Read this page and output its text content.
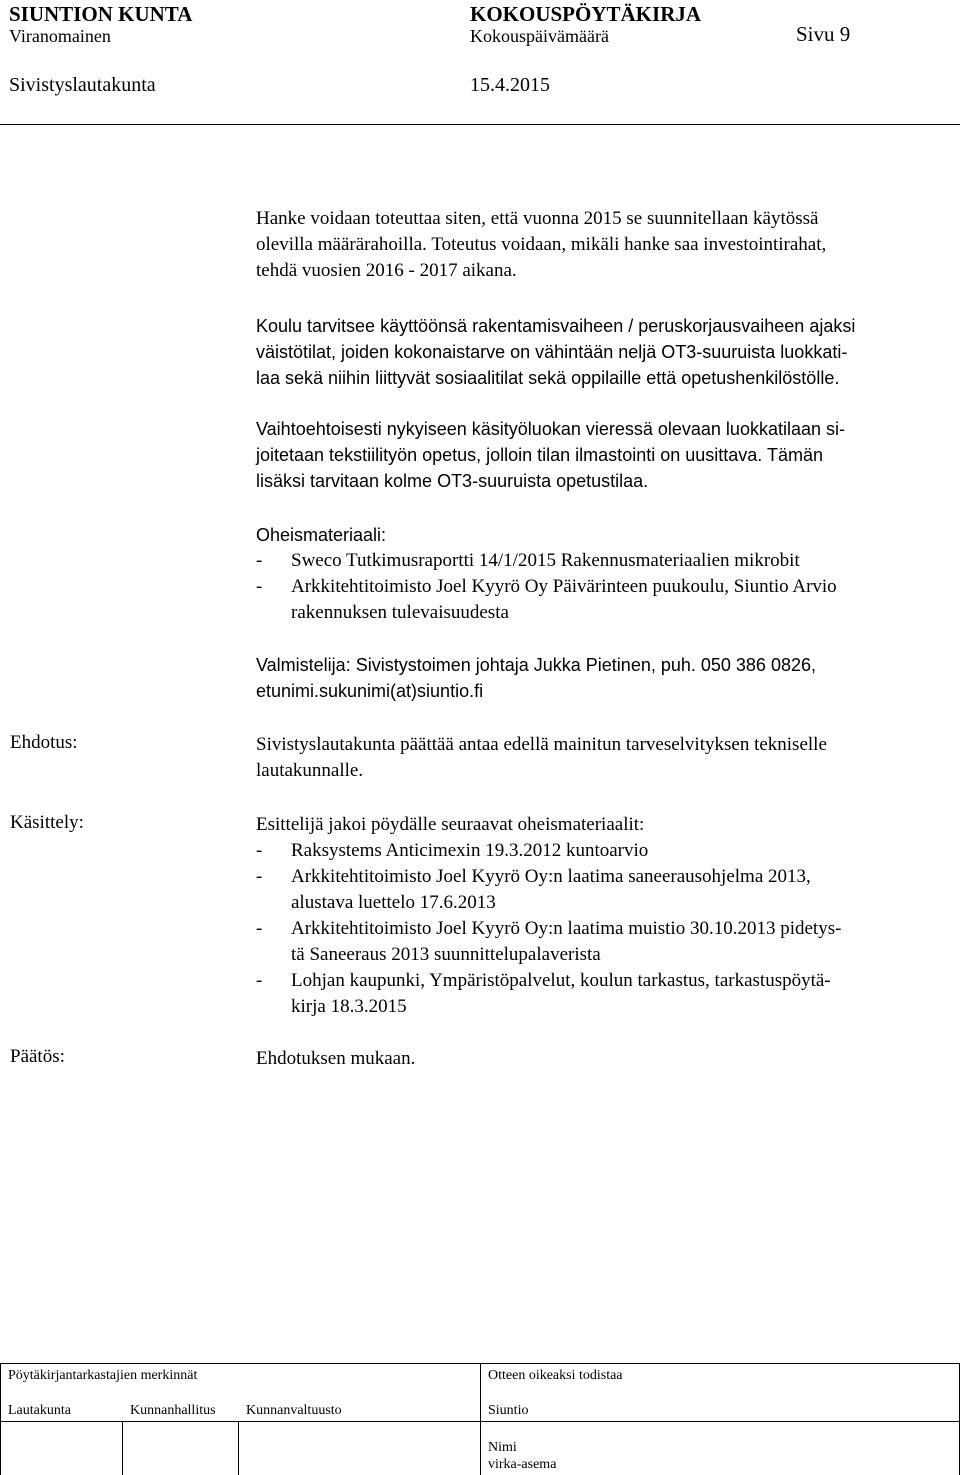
SIUNTION KUNTA	KOKOUSPÖYTÄKIRJA
Viranomainen	Kokouspäivämäärä	Sivu 9
Sivistyslautakunta	15.4.2015
Hanke voidaan toteuttaa siten, että vuonna 2015 se suunnitellaan käytössä
olevilla määrärahoilla. Toteutus voidaan, mikäli hanke saa investointirahat,
tehdä vuosien 2016 - 2017 aikana.
Koulu tarvitsee käyttöönsä rakentamisvaiheen / peruskorjausvaiheen ajaksi
väistötilat, joiden kokonaistarve on vähintään neljä OT3-suuruista luokkati-
laa sekä niihin liittyvät sosiaalitilat sekä oppilaille että opetushenkilöstölle.
Vaihtoehtoisesti nykyiseen käsityöluokan vieressä olevaan luokkatilaan si-
joitetaan tekstiilityön opetus, jolloin tilan ilmastointi on uusittava. Tämän
lisäksi tarvitaan kolme OT3-suuruista opetustilaa.
Oheismateriaali:
- Sweco Tutkimusraportti 14/1/2015 Rakennusmateriaalien mikrobit
- Arkkitehtitoimisto Joel Kyyrö Oy Päivärinteen puukoulu, Siuntio Arvio
rakennuksen tulevaisuudesta
Valmistelija: Sivistystoimen johtaja Jukka Pietinen, puh. 050 386 0826,
etunimi.sukunimi(at)siuntio.fi
Ehdotus:	Sivistyslautakunta päättää antaa edellä mainitun tarveselvityksen tekniselle
lautakunnalle.
Käsittely:	Esittelijä jakoi pöydälle seuraavat oheismateriaalit:
- Raksystems Anticimexin 19.3.2012 kuntoarvio
- Arkkitehtitoimisto Joel Kyyrö Oy:n laatima saneerausohjelma 2013,
alustava luettelo 17.6.2013
- Arkkitehtitoimisto Joel Kyyrö Oy:n laatima muistio 30.10.2013 pidetys-
tä Saneeraus 2013 suunnittelupalaverista
- Lohjan kaupunki, Ympäristöpalvelut, koulun tarkastus, tarkastuspöytä-
kirja 18.3.2015
Päätös:	Ehdotuksen mukaan.
Pöytäkirjantarkastajien merkinnät	Otteen oikeaksi todistaa
Lautakunta	Kunnanhallitus Kunnanvaltuusto	Siuntio
Nimi
virka-asema
